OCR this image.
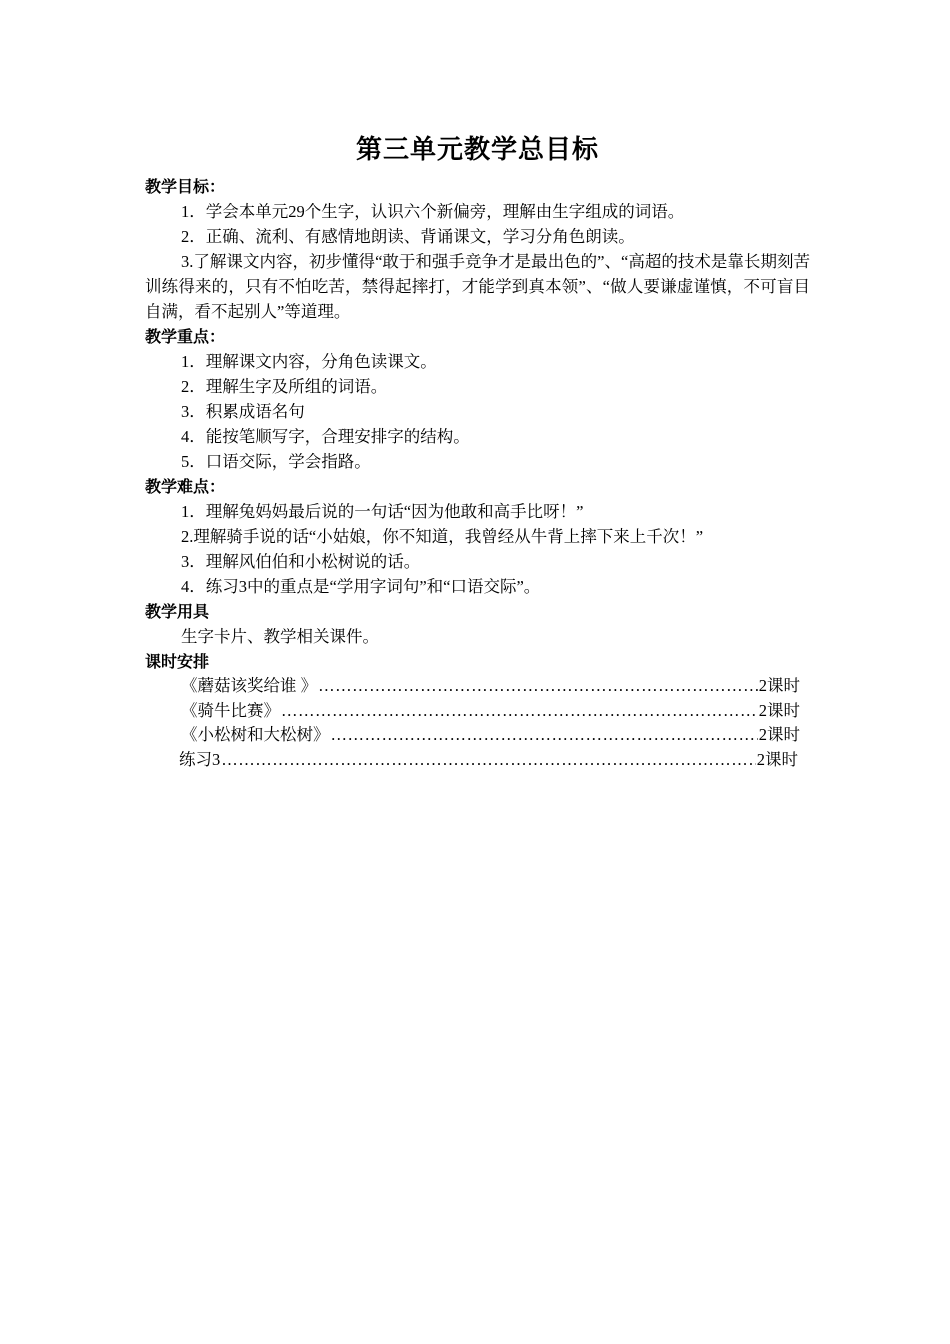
第三单元教学总目标

教学目标：

1．学会本单元29个生字，认识六个新偏旁，理解由生字组成的词语。

2．正确、流利、有感情地朗读、背诵课文，学习分角色朗读。

3.了解课文内容，初步懂得“敢于和强手竞争才是最出色的”、“高超的技术是靠长期刻苦训练得来的，只有不怕吃苦，禁得起摔打，才能学到真本领”、“做人要谦虚谨慎，不可盲目自满，看不起别人”等道理。

教学重点：

1．理解课文内容，分角色读课文。

2．理解生字及所组的词语。

3．积累成语名句

4．能按笔顺写字，合理安排字的结构。

5．口语交际，学会指路。

教学难点：

1．理解兔妈妈最后说的一句话“因为他敢和高手比呀！”

2.理解骑手说的话“小姑娘，你不知道，我曾经从牛背上摔下来上千次！”

3．理解风伯伯和小松树说的话。

4．练习3中的重点是“学用字词句”和“口语交际”。

教学用具

生字卡片、教学相关课件。

课时安排

《蘑菇该奖给谁 》 …………………………………………………………………………………………………………………………………………	2课时
《骑牛比赛》 …………………………………………………………………………………………………………………………………………	2课时
《小松树和大松树》 …………………………………………………………………………………………………………………………………………	2课时
练习3 …………………………………………………………………………………………………………………………………………	2课时
